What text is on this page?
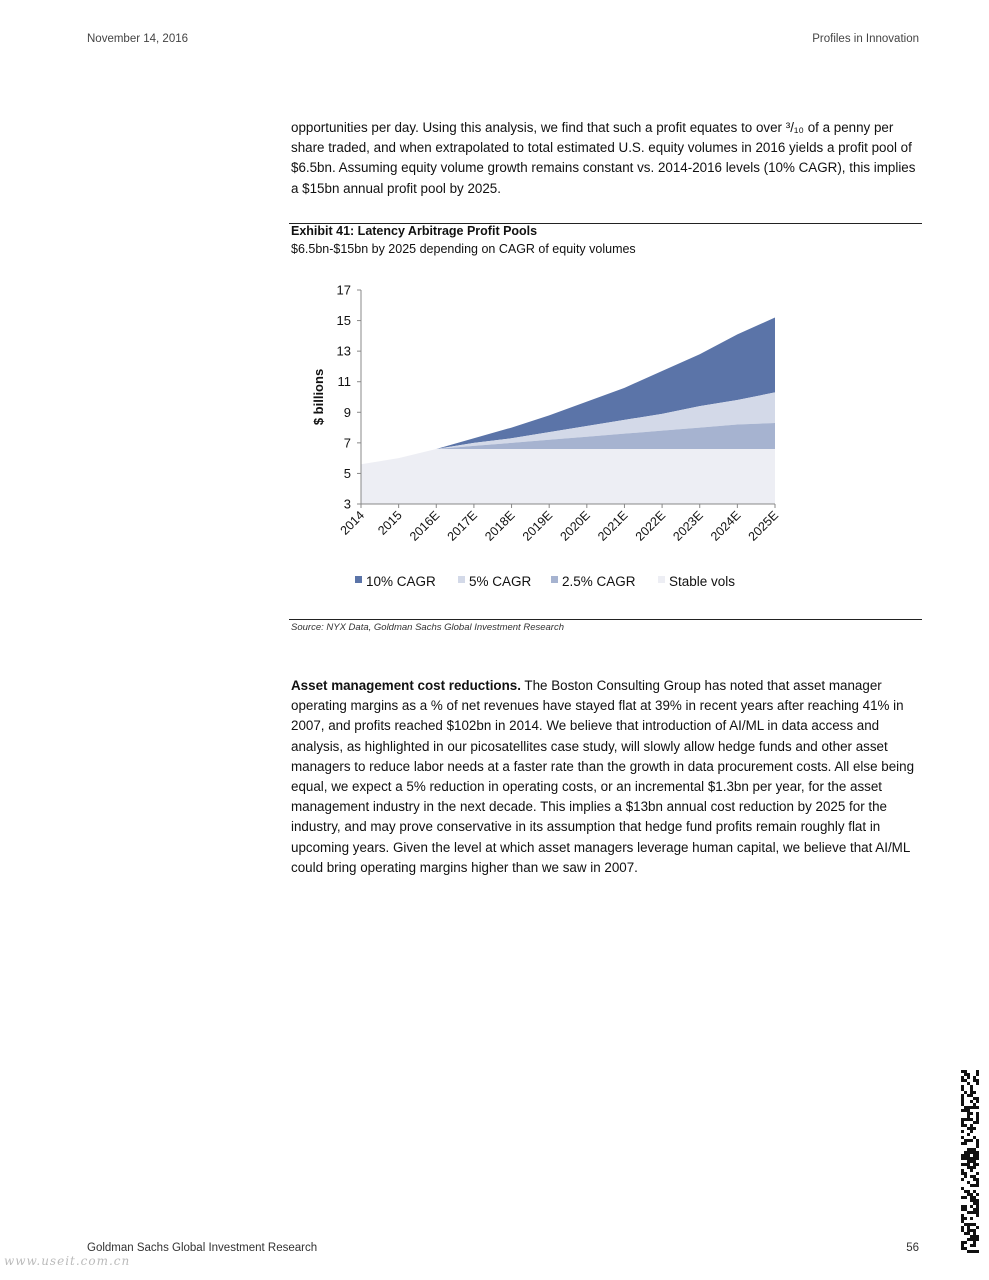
November 14, 2016	Profiles in Innovation

opportunities per day. Using this analysis, we find that such a profit equates to over ³/₁₀ of a penny per share traded, and when extrapolated to total estimated U.S. equity volumes in 2016 yields a profit pool of $6.5bn. Assuming equity volume growth remains constant vs. 2014-2016 levels (10% CAGR), this implies a $15bn annual profit pool by 2025.

Exhibit 41: Latency Arbitrage Profit Pools
$6.5bn-$15bn by 2025 depending on CAGR of equity volumes
3
5
7
9
11
13
15
17
$ billions
2014 2015 2016E 2017E 2018E 2019E 2020E 2021E 2022E 2023E 2024E 2025E
10% CAGR 5% CAGR 2.5% CAGR Stable vols
Source: NYX Data, Goldman Sachs Global Investment Research

Asset management cost reductions. The Boston Consulting Group has noted that asset manager operating margins as a % of net revenues have stayed flat at 39% in recent years after reaching 41% in 2007, and profits reached $102bn in 2014. We believe that introduction of AI/ML in data access and analysis, as highlighted in our picosatellites case study, will slowly allow hedge funds and other asset managers to reduce labor needs at a faster rate than the growth in data procurement costs. All else being equal, we expect a 5% reduction in operating costs, or an incremental $1.3bn per year, for the asset management industry in the next decade. This implies a $13bn annual cost reduction by 2025 for the industry, and may prove conservative in its assumption that hedge fund profits remain roughly flat in upcoming years. Given the level at which asset managers leverage human capital, we believe that AI/ML could bring operating margins higher than we saw in 2007.

Goldman Sachs Global Investment Research	56
www.useit.com.cn
